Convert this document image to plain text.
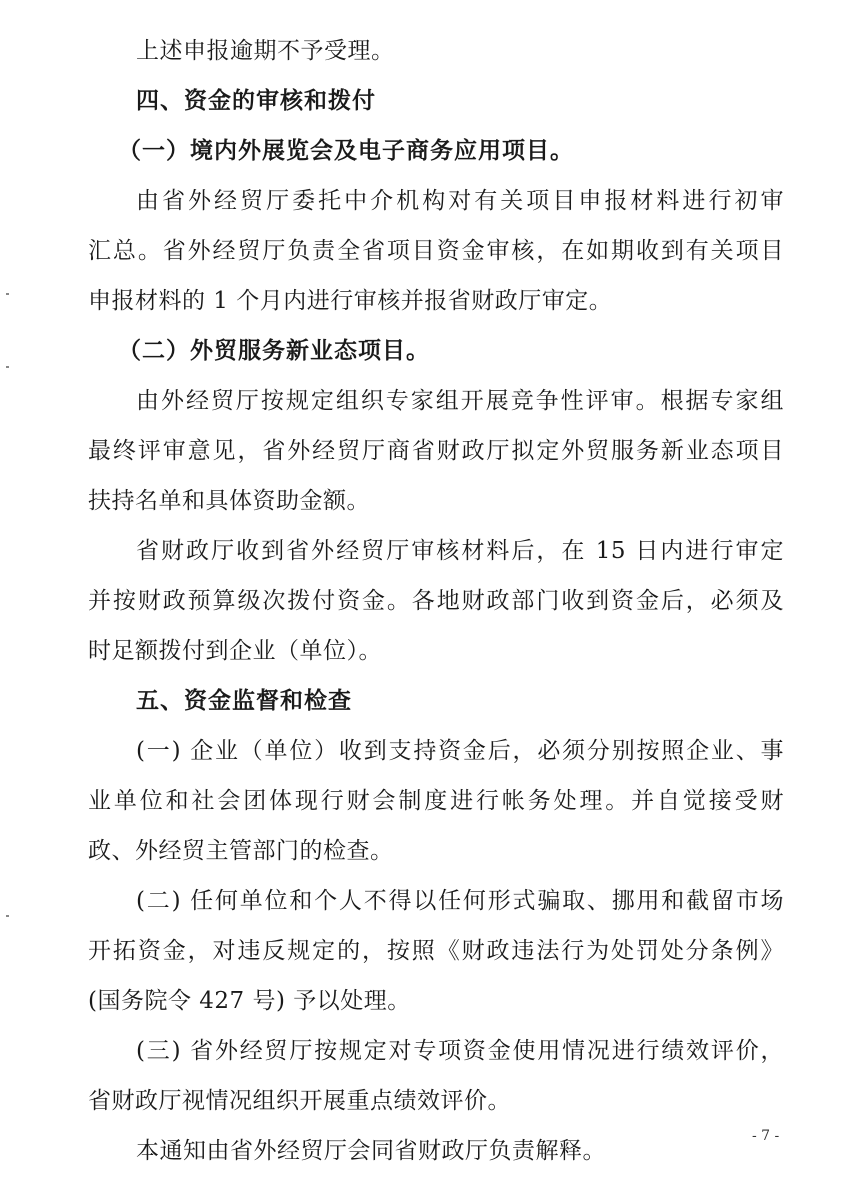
上述申报逾期不予受理。
四、资金的审核和拨付
（一）境内外展览会及电子商务应用项目。
由省外经贸厅委托中介机构对有关项目申报材料进行初审
汇总。省外经贸厅负责全省项目资金审核，在如期收到有关项目
申报材料的 1 个月内进行审核并报省财政厅审定。
（二）外贸服务新业态项目。
由外经贸厅按规定组织专家组开展竞争性评审。根据专家组
最终评审意见，省外经贸厅商省财政厅拟定外贸服务新业态项目
扶持名单和具体资助金额。
省财政厅收到省外经贸厅审核材料后，在 15 日内进行审定
并按财政预算级次拨付资金。各地财政部门收到资金后，必须及
时足额拨付到企业（单位）。
五、资金监督和检查
(一) 企业（单位）收到支持资金后，必须分别按照企业、事
业单位和社会团体现行财会制度进行帐务处理。并自觉接受财
政、外经贸主管部门的检查。
(二) 任何单位和个人不得以任何形式骗取、挪用和截留市场
开拓资金，对违反规定的，按照《财政违法行为处罚处分条例》
(国务院令 427 号) 予以处理。
(三) 省外经贸厅按规定对专项资金使用情况进行绩效评价，
省财政厅视情况组织开展重点绩效评价。
本通知由省外经贸厅会同省财政厅负责解释。
- 7 -
